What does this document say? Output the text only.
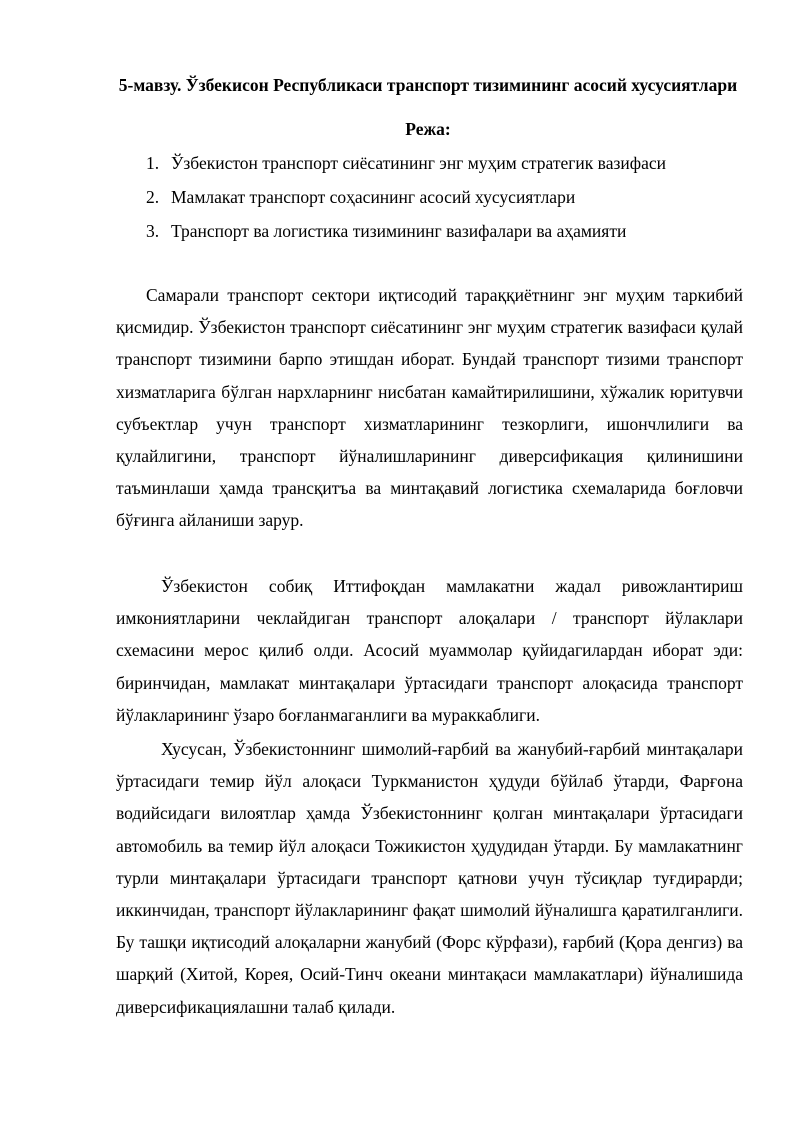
5-мавзу. Ўзбекисон Республикаси транспорт тизимининг асосий хусусиятлари
Режа:
1. Ўзбекистон транспорт сиёсатининг энг муҳим стратегик вазифаси
2. Мамлакат транспорт соҳасининг асосий хусусиятлари
3. Транспорт ва логистика тизимининг вазифалари ва аҳамияти

Самарали транспорт сектори иқтисодий тараққиётнинг энг муҳим таркибий қисмидир. Ўзбекистон транспорт сиёсатининг энг муҳим стратегик вазифаси қулай транспорт тизимини барпо этишдан иборат. Бундай транспорт тизими транспорт хизматларига бўлган нархларнинг нисбатан камайтирилишини, хўжалик юритувчи субъектлар учун транспорт хизматларининг тезкорлиги, ишончлилиги ва қулайлигини, транспорт йўналишларининг диверсификация қилинишини таъминлаши ҳамда трансқитъа ва минтақавий логистика схемаларида боғловчи бўғинга айланиши зарур.

Ўзбекистон собиқ Иттифоқдан мамлакатни жадал ривожлантириш имкониятларини чеклайдиган транспорт алоқалари / транспорт йўлаклари схемасини мерос қилиб олди. Асосий муаммолар қуйидагилардан иборат эди: биринчидан, мамлакат минтақалари ўртасидаги транспорт алоқасида транспорт йўлакларининг ўзаро боғланмаганлиги ва мураккаблиги.

Хусусан, Ўзбекистоннинг шимолий-ғарбий ва жанубий-ғарбий минтақалари ўртасидаги темир йўл алоқаси Туркманистон ҳудуди бўйлаб ўтарди, Фарғона водийсидаги вилоятлар ҳамда Ўзбекистоннинг қолган минтақалари ўртасидаги автомобиль ва темир йўл алоқаси Тожикистон ҳудудидан ўтарди. Бу мамлакатнинг турли минтақалари ўртасидаги транспорт қатнови учун тўсиқлар туғдирарди; иккинчидан, транспорт йўлакларининг фақат шимолий йўналишга қаратилганлиги. Бу ташқи иқтисодий алоқаларни жанубий (Форс кўрфази), ғарбий (Қора денгиз) ва шарқий (Хитой, Корея, Осий-Тинч океани минтақаси мамлакатлари) йўналишида диверсификациялашни талаб қилади.
